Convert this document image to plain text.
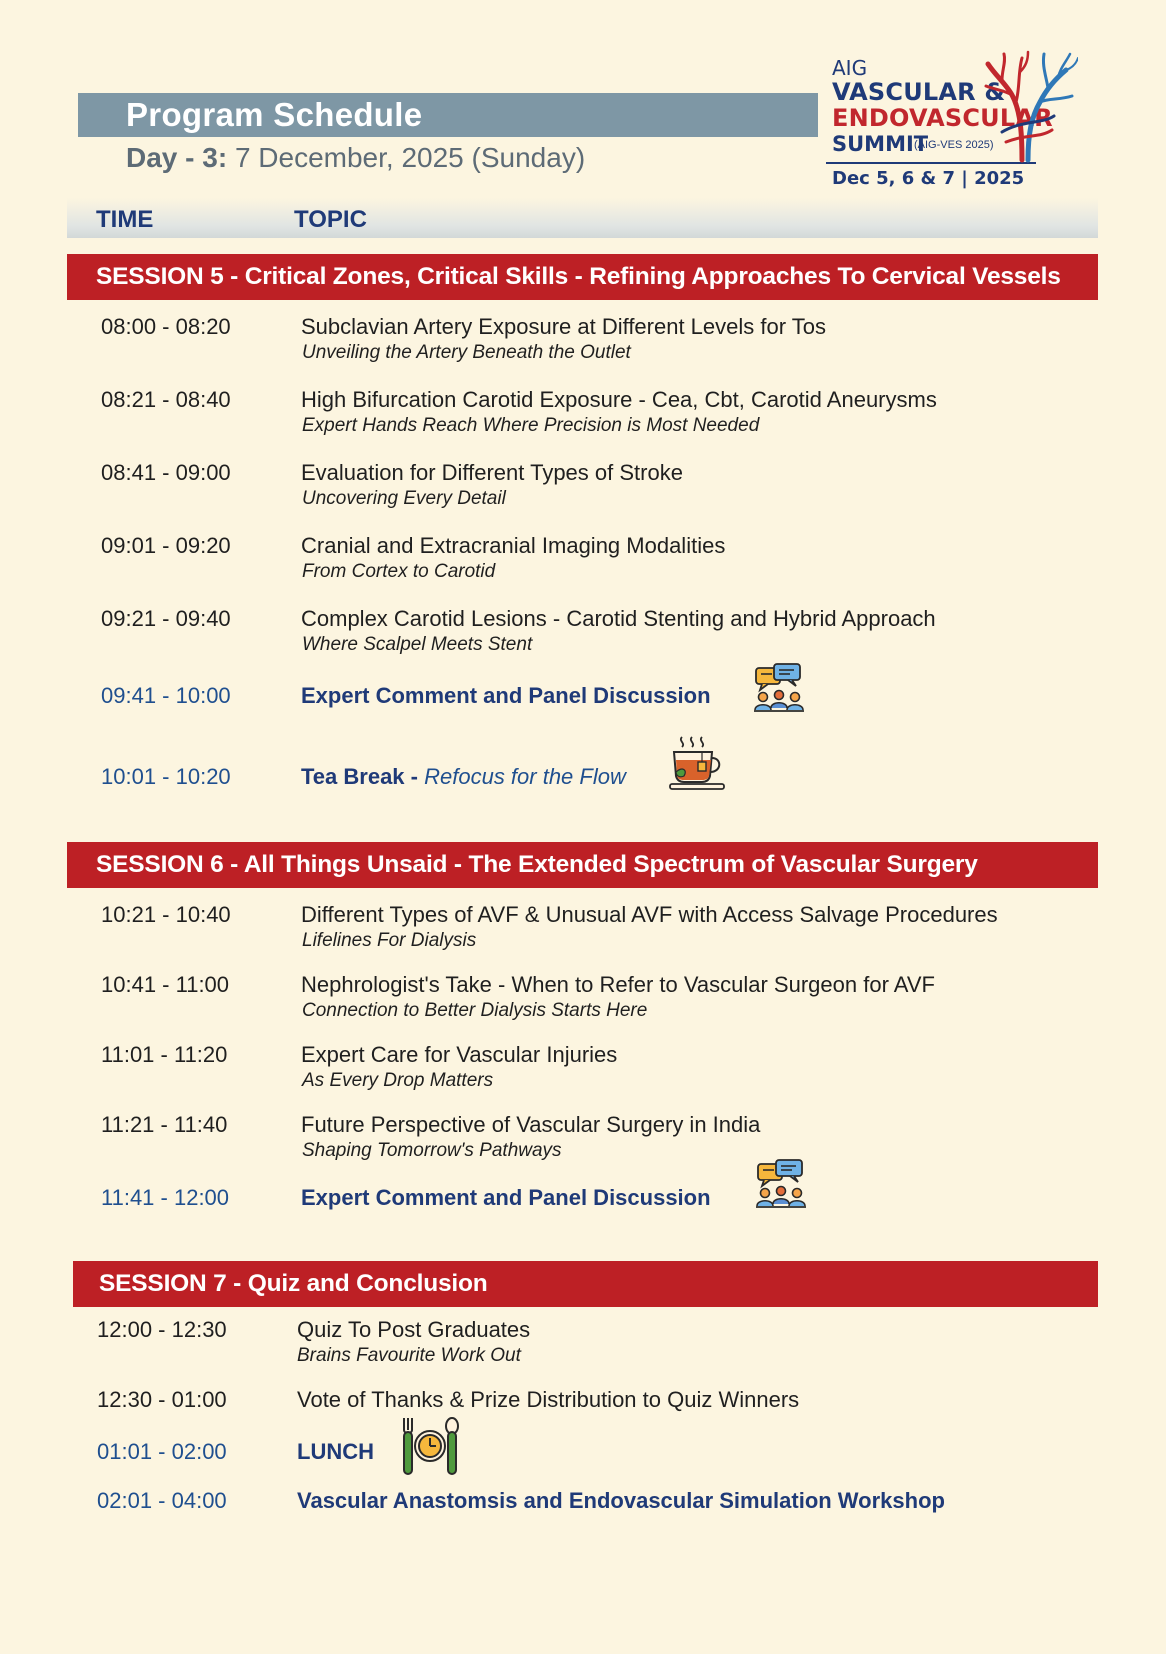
Program Schedule
Day - 3: 7 December, 2025 (Sunday)
AIG
VASCULAR &
ENDOVASCULAR
SUMMIT
(AIG-VES 2025)
Dec 5, 6 & 7 | 2025
TIME	TOPIC
SESSION 5 - Critical Zones, Critical Skills - Refining Approaches To Cervical Vessels
08:00 - 08:20	Subclavian Artery Exposure at Different Levels for Tos
Unveiling the Artery Beneath the Outlet
08:21 - 08:40	High Bifurcation Carotid Exposure - Cea, Cbt, Carotid Aneurysms
Expert Hands Reach Where Precision is Most Needed
08:41 - 09:00	Evaluation for Different Types of Stroke
Uncovering Every Detail
09:01 - 09:20	Cranial and Extracranial Imaging Modalities
From Cortex to Carotid
09:21 - 09:40	Complex Carotid Lesions - Carotid Stenting and Hybrid Approach
Where Scalpel Meets Stent
09:41 - 10:00	Expert Comment and Panel Discussion
10:01 - 10:20	Tea Break - Refocus for the Flow
SESSION 6 - All Things Unsaid - The Extended Spectrum of Vascular Surgery
10:21 - 10:40	Different Types of AVF & Unusual AVF with Access Salvage Procedures
Lifelines For Dialysis
10:41 - 11:00	Nephrologist's Take - When to Refer to Vascular Surgeon for AVF
Connection to Better Dialysis Starts Here
11:01 - 11:20	Expert Care for Vascular Injuries
As Every Drop Matters
11:21 - 11:40	Future Perspective of Vascular Surgery in India
Shaping Tomorrow's Pathways
11:41 - 12:00	Expert Comment and Panel Discussion
SESSION 7 - Quiz and Conclusion
12:00 - 12:30	Quiz To Post Graduates
Brains Favourite Work Out
12:30 - 01:00	Vote of Thanks & Prize Distribution to Quiz Winners
01:01 - 02:00	LUNCH
02:01 - 04:00	Vascular Anastomsis and Endovascular Simulation Workshop
